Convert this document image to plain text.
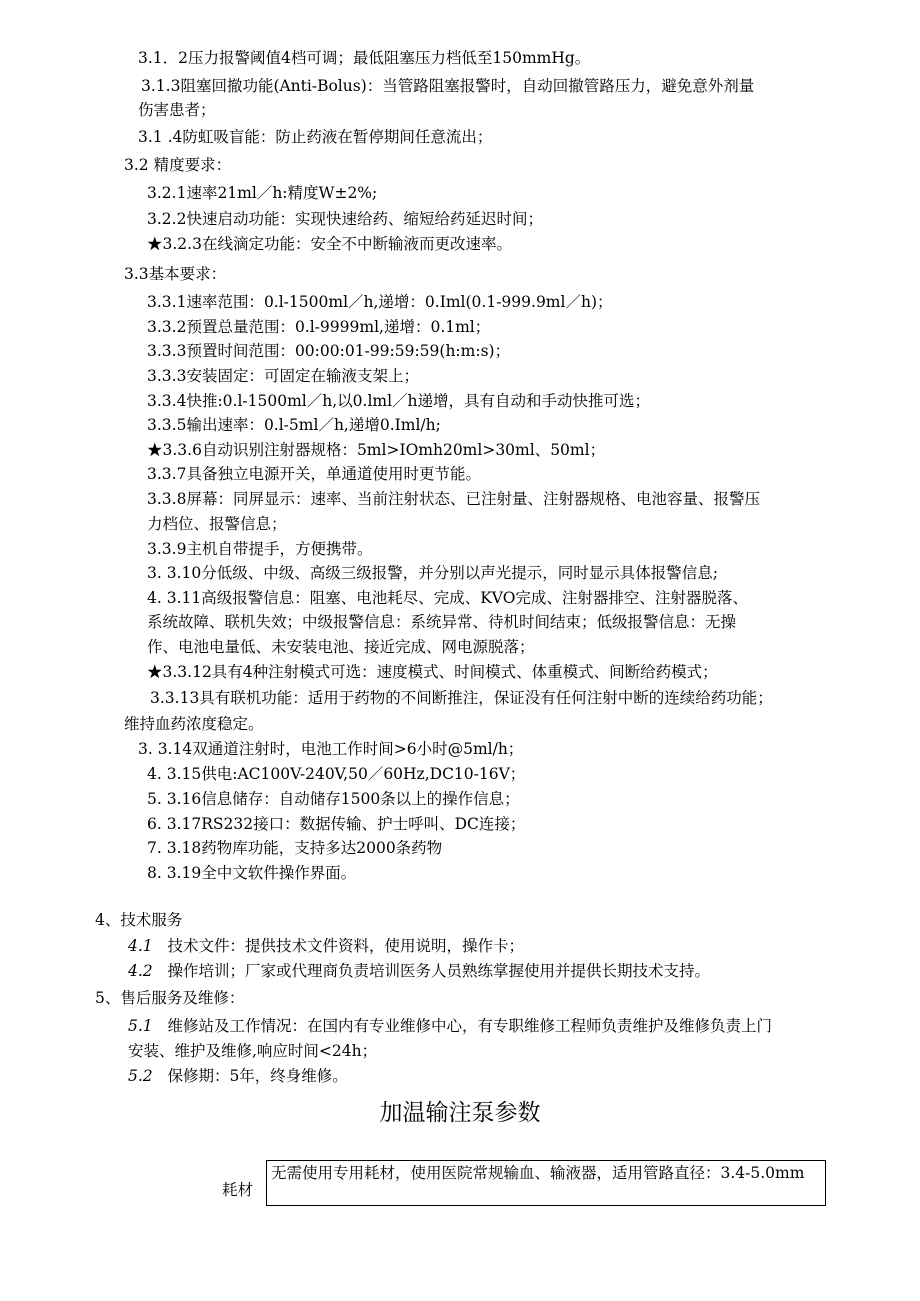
3.1．2压力报警阈值4档可调；最低阻塞压力档低至150mmHg。
3.1.3阻塞回撤功能(Anti-Bolus)：当管路阻塞报警时，自动回撤管路压力，避免意外剂量
伤害患者；
3.1 .4防虹吸盲能：防止药液在暂停期间任意流出；
3.2 精度要求：
3.2.1速率21ml／h:精度W±2%;
3.2.2快速启动功能：实现快速给药、缩短给药延迟时间；
★3.2.3在线滴定功能：安全不中断输液而更改速率。
3.3基本要求：
3.3.1速率范围：0.l-1500ml／h,递增：0.Iml(0.1-999.9ml／h)；
3.3.2预置总量范围：0.l-9999ml,递增：0.1ml；
3.3.3预置时间范围：00:00:01-99:59:59(h:m:s)；
3.3.3安装固定：可固定在输液支架上；
3.3.4快推:0.l-1500ml／h,以0.lml／h递增，具有自动和手动快推可选；
3.3.5输出速率：0.l-5ml／h,递增0.Iml/h;
★3.3.6自动识别注射器规格：5ml>IOmh20ml>30ml、50ml；
3.3.7具备独立电源开关，单通道使用时更节能。
3.3.8屏幕：同屏显示：速率、当前注射状态、已注射量、注射器规格、电池容量、报警压
力档位、报警信息；
3.3.9主机自带提手，方便携带。
3. 3.10分低级、中级、高级三级报警，并分别以声光提示，同时显示具体报警信息;
4. 3.11高级报警信息：阻塞、电池耗尽、完成、KVO完成、注射器排空、注射器脱落、
系统故障、联机失效；中级报警信息：系统异常、待机时间结束；低级报警信息：无操
作、电池电量低、未安装电池、接近完成、网电源脱落；
★3.3.12具有4种注射模式可选：速度模式、时间模式、体重模式、间断给药模式；
3.3.13具有联机功能：适用于药物的不间断推注，保证没有任何注射中断的连续给药功能；
维持血药浓度稳定。
3. 3.14双通道注射时，电池工作时间>6小时@5ml/h；
4. 3.15供电:AC100V-240V,50／60Hz,DC10-16V；
5. 3.16信息储存：自动储存1500条以上的操作信息；
6. 3.17RS232接口：数据传输、护士呼叫、DC连接；
7. 3.18药物库功能，支持多达2000条药物
8. 3.19全中文软件操作界面。
4、技术服务
4.1 技术文件：提供技术文件资料，使用说明，操作卡；
4.2 操作培训；厂家或代理商负责培训医务人员熟练掌握使用并提供长期技术支持。
5、售后服务及维修：
5.1 维修站及工作情况：在国内有专业维修中心，有专职维修工程师负责维护及维修负责上门
安装、维护及维修,响应时间<24h；
5.2 保修期：5年，终身维修。
加温输注泵参数
耗材
无需使用专用耗材，使用医院常规输血、输液器，适用管路直径：3.4-5.0mm
